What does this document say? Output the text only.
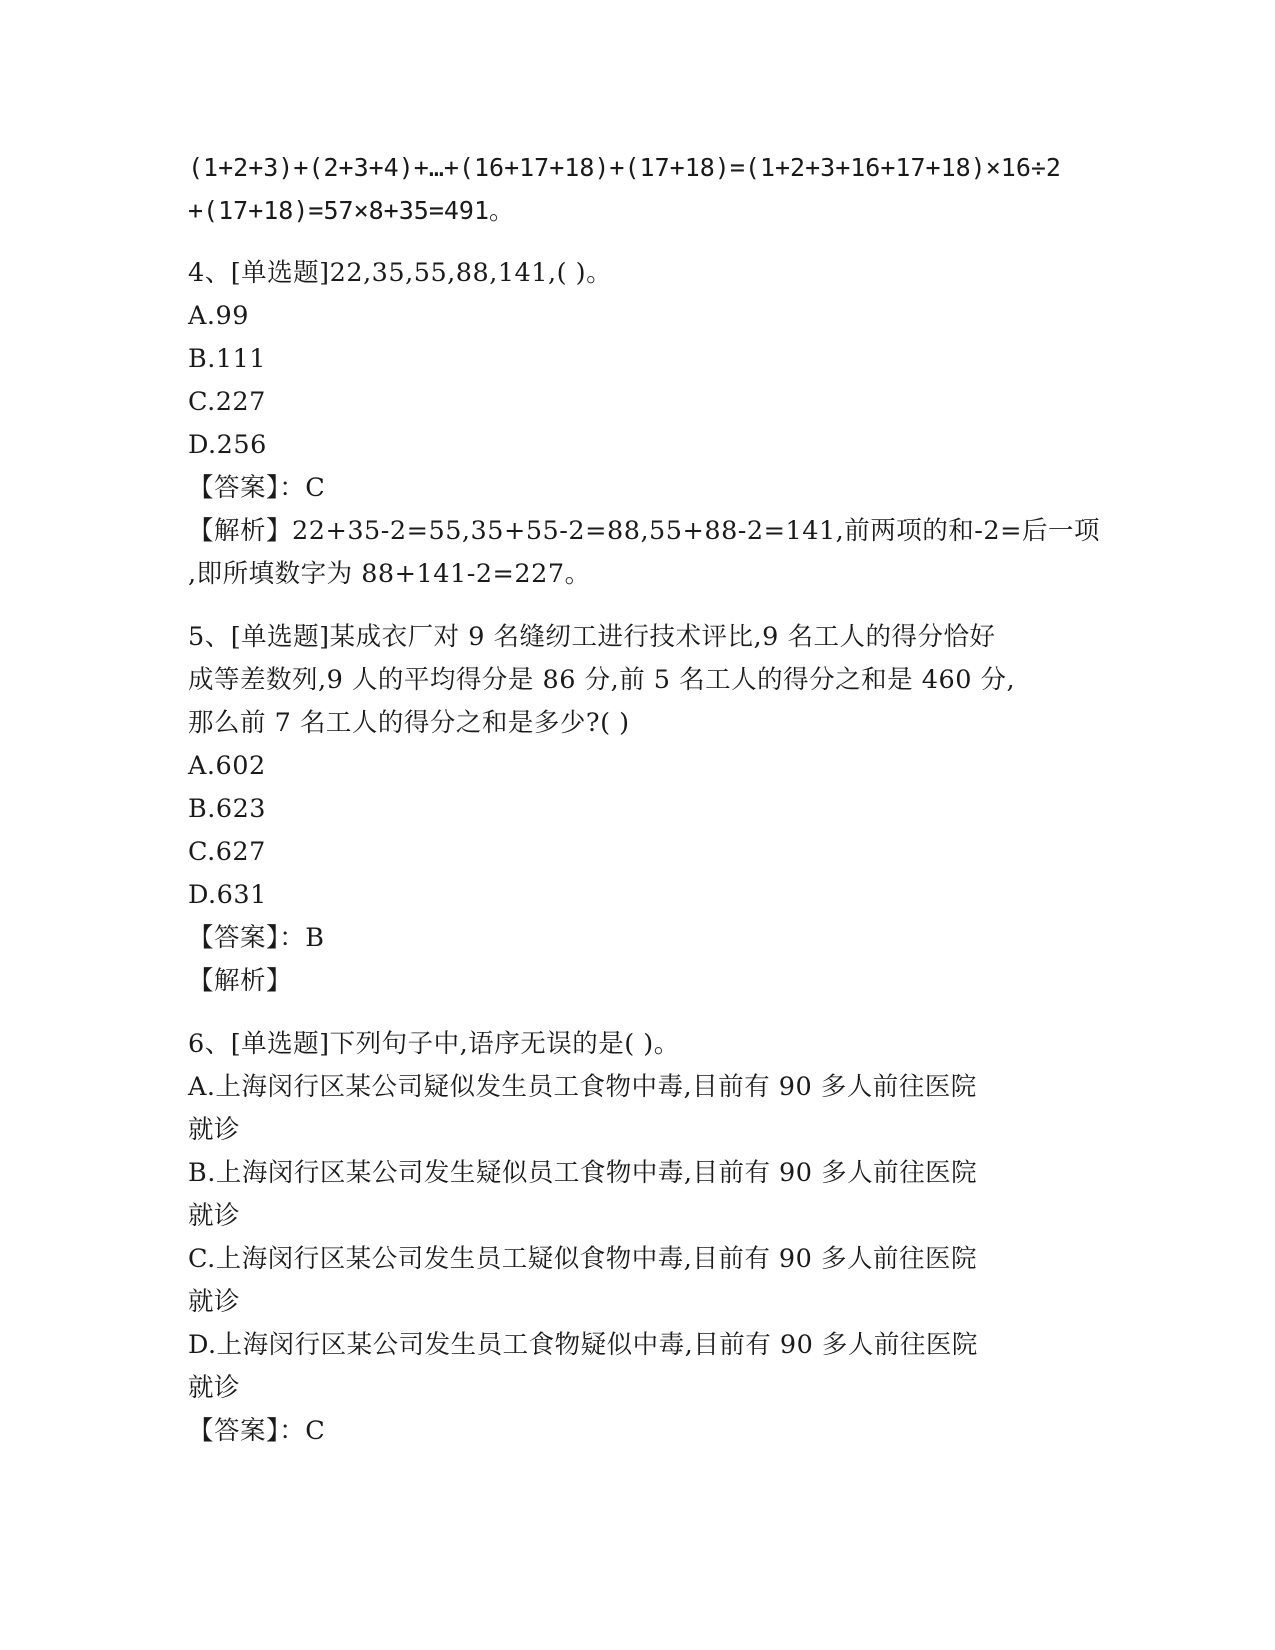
(1+2+3)+(2+3+4)+…+(16+17+18)+(17+18)=(1+2+3+16+17+18)×16÷2
+(17+18)=57×8+35=491。
4、[单选题]22,35,55,88,141,( )。
A.99
B.111
C.227
D.256
【答案】：C
【解析】22+35-2=55,35+55-2=88,55+88-2=141,前两项的和-2=后一项
,即所填数字为 88+141-2=227。
5、[单选题]某成衣厂对 9 名缝纫工进行技术评比,9 名工人的得分恰好
成等差数列,9 人的平均得分是 86 分,前 5 名工人的得分之和是 460 分,
那么前 7 名工人的得分之和是多少?( )
A.602
B.623
C.627
D.631
【答案】：B
【解析】
6、[单选题]下列句子中,语序无误的是( )。
A.上海闵行区某公司疑似发生员工食物中毒,目前有 90 多人前往医院
就诊
B.上海闵行区某公司发生疑似员工食物中毒,目前有 90 多人前往医院
就诊
C.上海闵行区某公司发生员工疑似食物中毒,目前有 90 多人前往医院
就诊
D.上海闵行区某公司发生员工食物疑似中毒,目前有 90 多人前往医院
就诊
【答案】：C
